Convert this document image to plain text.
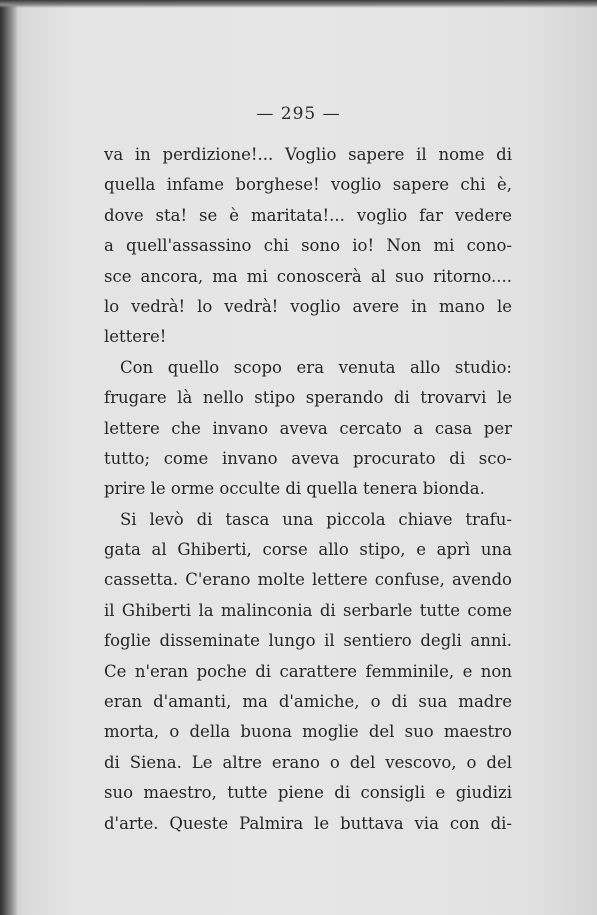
— 295 —
va in perdizione!... Voglio sapere il nome di
quella infame borghese! voglio sapere chi è,
dove sta! se è maritata!... voglio far vedere
a quell'assassino chi sono io! Non mi cono-
sce ancora, ma mi conoscerà al suo ritorno....
lo vedrà! lo vedrà! voglio avere in mano le
lettere!
Con quello scopo era venuta allo studio:
frugare là nello stipo sperando di trovarvi le
lettere che invano aveva cercato a casa per
tutto; come invano aveva procurato di sco-
prire le orme occulte di quella tenera bionda.
Si levò di tasca una piccola chiave trafu-
gata al Ghiberti, corse allo stipo, e aprì una
cassetta. C'erano molte lettere confuse, avendo
il Ghiberti la malinconia di serbarle tutte come
foglie disseminate lungo il sentiero degli anni.
Ce n'eran poche di carattere femminile, e non
eran d'amanti, ma d'amiche, o di sua madre
morta, o della buona moglie del suo maestro
di Siena. Le altre erano o del vescovo, o del
suo maestro, tutte piene di consigli e giudizi
d'arte. Queste Palmira le buttava via con di-
